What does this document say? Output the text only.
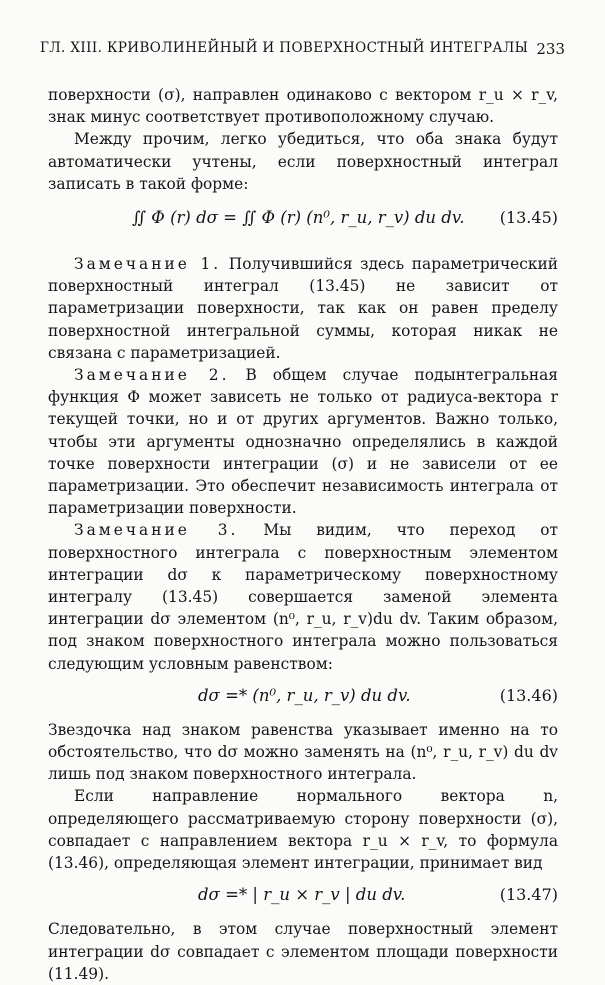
ГЛ. XIII. КРИВОЛИНЕЙНЫЙ И ПОВЕРХНОСТНЫЙ ИНТЕГРАЛЫ 233

поверхности (σ), направлен одинаково с вектором r_u × r_v, знак минус соответствует противоположному случаю.

Между прочим, легко убедиться, что оба знака будут автоматически учтены, если поверхностный интеграл записать в такой форме:

∬ Φ (r) dσ = ∬ Φ (r) (n⁰, r_u, r_v) du dv. (13.45)

Замечание 1. Получившийся здесь параметрический поверхностный интеграл (13.45) не зависит от параметризации поверхности, так как он равен пределу поверхностной интегральной суммы, которая никак не связана с параметризацией.

Замечание 2. В общем случае подынтегральная функция Φ может зависеть не только от радиуса-вектора r текущей точки, но и от других аргументов. Важно только, чтобы эти аргументы однозначно определялись в каждой точке поверхности интеграции (σ) и не зависели от ее параметризации. Это обеспечит независимость интеграла от параметризации поверхности.

Замечание 3. Мы видим, что переход от поверхностного интеграла с поверхностным элементом интеграции dσ к параметрическому поверхностному интегралу (13.45) совершается заменой элемента интеграции dσ элементом (n⁰, r_u, r_v)du dv. Таким образом, под знаком поверхностного интеграла можно пользоваться следующим условным равенством:

dσ =* (n⁰, r_u, r_v) du dv.	(13.46)

Звездочка над знаком равенства указывает именно на то обстоятельство, что dσ можно заменять на (n⁰, r_u, r_v) du dv лишь под знаком поверхностного интеграла.

Если направление нормального вектора n, определяющего рассматриваемую сторону поверхности (σ), совпадает с направлением вектора r_u × r_v, то формула (13.46), определяющая элемент интеграции, принимает вид

dσ =* | r_u × r_v | du dv.	(13.47)

Следовательно, в этом случае поверхностный элемент интеграции dσ совпадает с элементом площади поверхности (11.49).
